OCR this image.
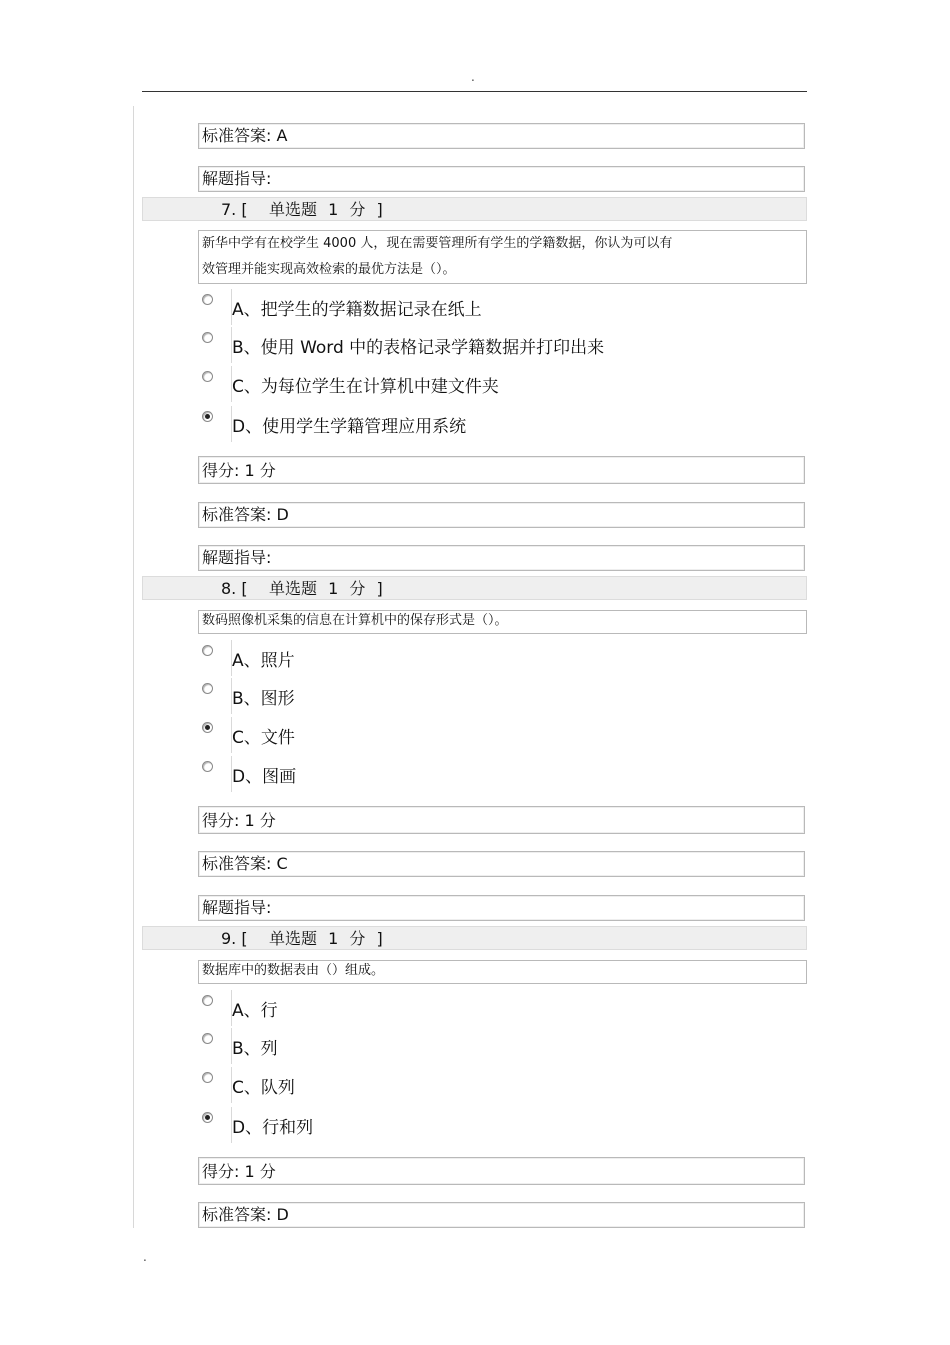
.
标准答案: A
解题指导:
7. [ 单选题 1 分 ]
新华中学有在校学生 4000 人，现在需要管理所有学生的学籍数据，你认为可以有
效管理并能实现高效检索的最优方法是（）。
A、把学生的学籍数据记录在纸上
B、使用 Word 中的表格记录学籍数据并打印出来
C、为每位学生在计算机中建文件夹
D、使用学生学籍管理应用系统
得分: 1 分
标准答案: D
解题指导:
8. [ 单选题 1 分 ]
数码照像机采集的信息在计算机中的保存形式是（）。
A、照片
B、图形
C、文件
D、图画
得分: 1 分
标准答案: C
解题指导:
9. [ 单选题 1 分 ]
数据库中的数据表由（）组成。
A、行
B、列
C、队列
D、行和列
得分: 1 分
标准答案: D
.
